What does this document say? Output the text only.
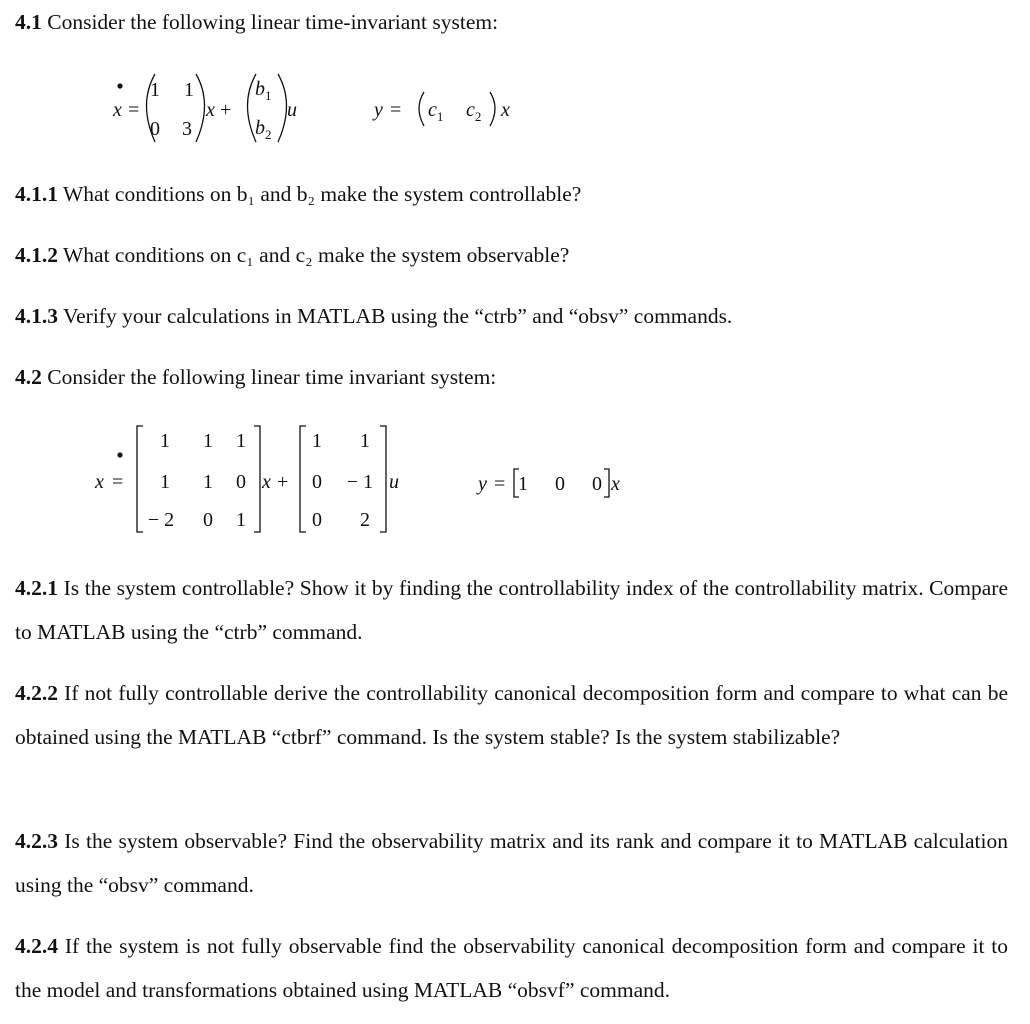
4.1 Consider the following linear time-invariant system:

4.1.1 What conditions on b₁ and b₂ make the system controllable?

4.1.2 What conditions on c₁ and c₂ make the system observable?

4.1.3 Verify your calculations in MATLAB using the “ctrb” and “obsv” commands.

4.2 Consider the following linear time invariant system:

4.2.1 Is the system controllable? Show it by finding the controllability index of the controllability matrix. Compare to MATLAB using the “ctrb” command.

4.2.2 If not fully controllable derive the controllability canonical decomposition form and compare to what can be obtained using the MATLAB “ctbrf” command. Is the system stable? Is the system stabilizable?

4.2.3 Is the system observable? Find the observability matrix and its rank and compare it to MATLAB calculation using the “obsv” command.

4.2.4 If the system is not fully observable find the observability canonical decomposition form and compare it to the model and transformations obtained using MATLAB “obsvf” command.

x =
1 1
0 3
x +
$b_1$
$b_2$
u	$y = c_1$ $c_2$ x
x =
1 1 1
1 1 0
− 2 0 1
x +
1 1
0 − 1
0 2
u	y = 1 0 0 x
